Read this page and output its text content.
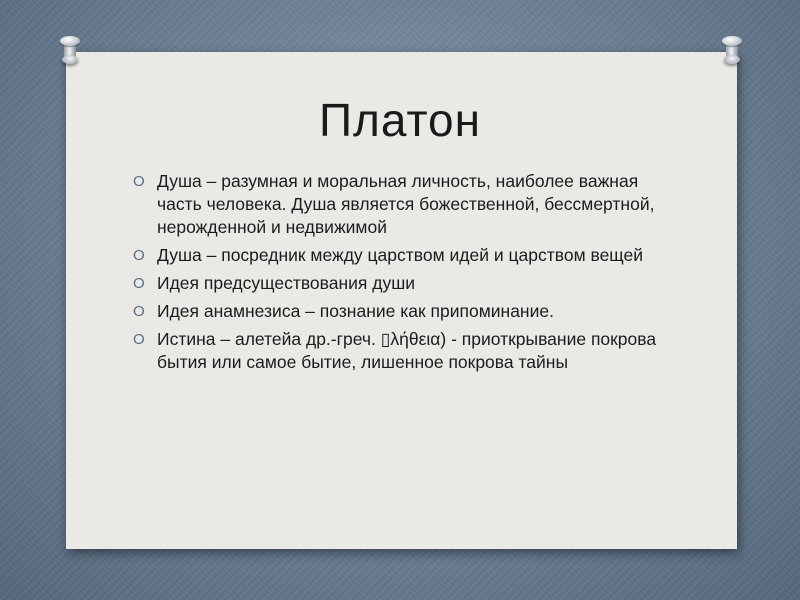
Платон
O Душа – разумная и моральная личность, наиболее важная часть человека. Душа является божественной, бессмертной, нерожденной и недвижимой
O Душа – посредник между царством идей и царством вещей
O Идея предсуществования души
O Идея анамнезиса – познание как припоминание.
O Истина – алетейа др.-греч. ▯λήθεια) - приоткрывание покрова бытия или самое бытие, лишенное покрова тайны
